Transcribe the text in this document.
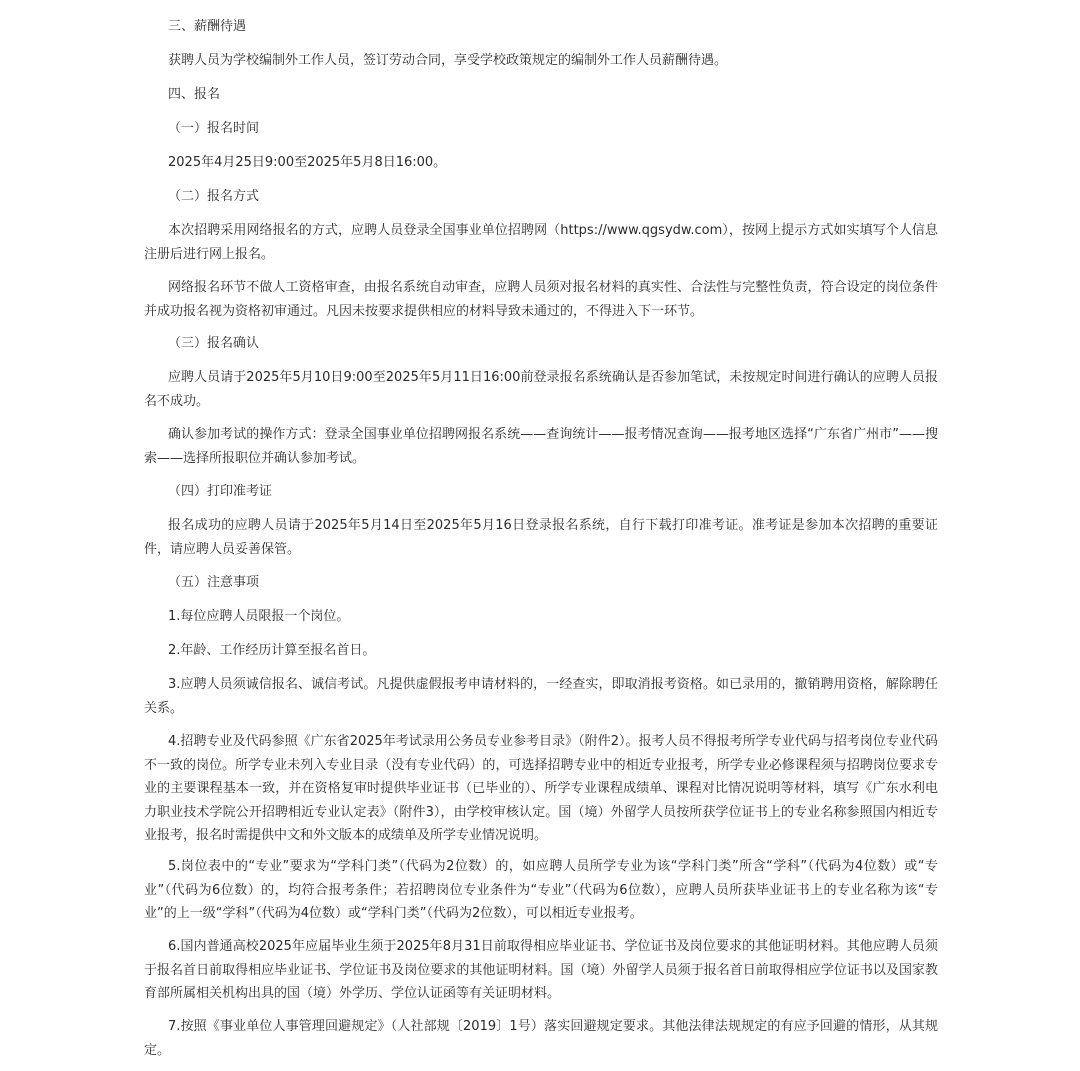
三、薪酬待遇

获聘人员为学校编制外工作人员，签订劳动合同，享受学校政策规定的编制外工作人员薪酬待遇。

四、报名

（一）报名时间

2025年4月25日9:00至2025年5月8日16:00。

（二）报名方式

本次招聘采用网络报名的方式，应聘人员登录全国事业单位招聘网（https://www.qgsydw.com），按网上提示方式如实填写个人信息注册后进行网上报名。

网络报名环节不做人工资格审查，由报名系统自动审查，应聘人员须对报名材料的真实性、合法性与完整性负责，符合设定的岗位条件并成功报名视为资格初审通过。凡因未按要求提供相应的材料导致未通过的，不得进入下一环节。

（三）报名确认

应聘人员请于2025年5月10日9:00至2025年5月11日16:00前登录报名系统确认是否参加笔试，未按规定时间进行确认的应聘人员报名不成功。

确认参加考试的操作方式：登录全国事业单位招聘网报名系统——查询统计——报考情况查询——报考地区选择“广东省广州市”——搜索——选择所报职位并确认参加考试。

（四）打印准考证

报名成功的应聘人员请于2025年5月14日至2025年5月16日登录报名系统，自行下载打印准考证。准考证是参加本次招聘的重要证件，请应聘人员妥善保管。

（五）注意事项

1.每位应聘人员限报一个岗位。

2.年龄、工作经历计算至报名首日。

3.应聘人员须诚信报名、诚信考试。凡提供虚假报考申请材料的，一经查实，即取消报考资格。如已录用的，撤销聘用资格，解除聘任关系。

4.招聘专业及代码参照《广东省2025年考试录用公务员专业参考目录》（附件2）。报考人员不得报考所学专业代码与招考岗位专业代码不一致的岗位。所学专业未列入专业目录（没有专业代码）的，可选择招聘专业中的相近专业报考，所学专业必修课程须与招聘岗位要求专业的主要课程基本一致，并在资格复审时提供毕业证书（已毕业的）、所学专业课程成绩单、课程对比情况说明等材料，填写《广东水利电力职业技术学院公开招聘相近专业认定表》（附件3），由学校审核认定。国（境）外留学人员按所获学位证书上的专业名称参照国内相近专业报考，报名时需提供中文和外文版本的成绩单及所学专业情况说明。

5.岗位表中的“专业”要求为“学科门类”（代码为2位数）的，如应聘人员所学专业为该“学科门类”所含“学科”（代码为4位数）或“专业”（代码为6位数）的，均符合报考条件；若招聘岗位专业条件为“专业”（代码为6位数），应聘人员所获毕业证书上的专业名称为该“专业”的上一级“学科”（代码为4位数）或“学科门类”（代码为2位数），可以相近专业报考。

6.国内普通高校2025年应届毕业生须于2025年8月31日前取得相应毕业证书、学位证书及岗位要求的其他证明材料。其他应聘人员须于报名首日前取得相应毕业证书、学位证书及岗位要求的其他证明材料。国（境）外留学人员须于报名首日前取得相应学位证书以及国家教育部所属相关机构出具的国（境）外学历、学位认证函等有关证明材料。

7.按照《事业单位人事管理回避规定》（人社部规〔2019〕1号）落实回避规定要求。其他法律法规规定的有应予回避的情形，从其规定。
